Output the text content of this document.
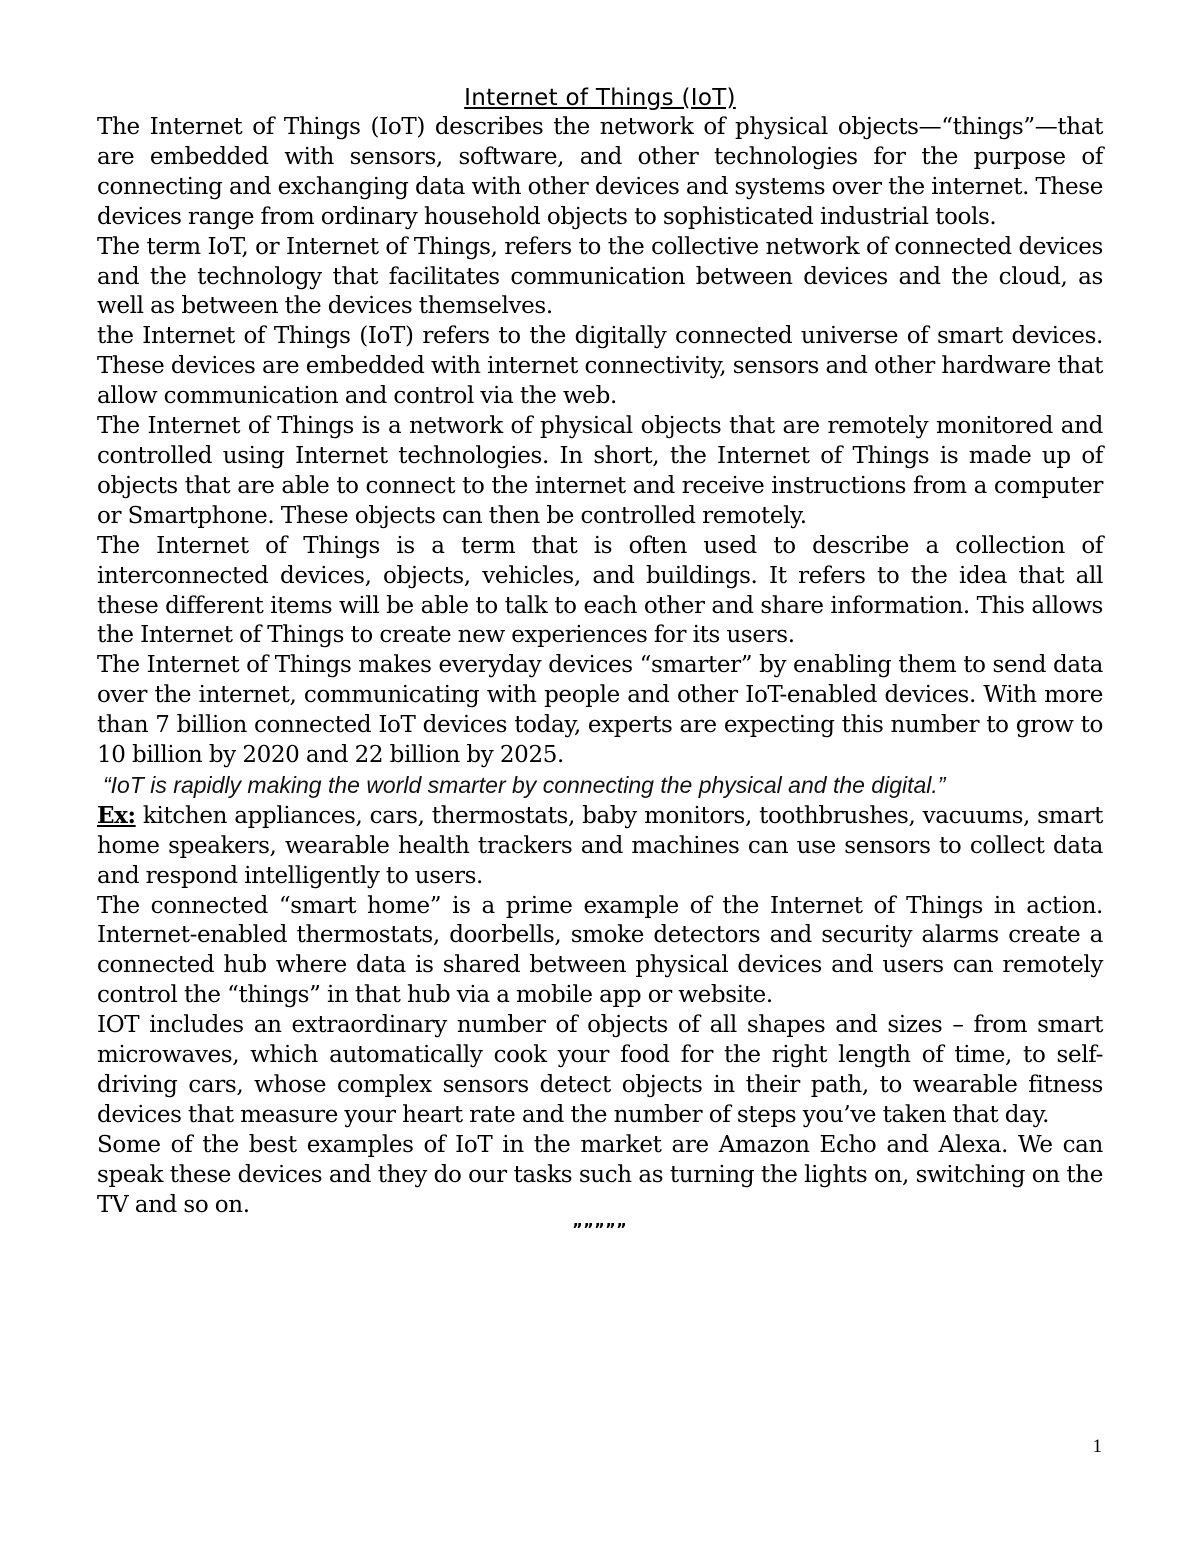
Internet of Things (IoT)

The Internet of Things (IoT) describes the network of physical objects—“things”—that are embedded with sensors, software, and other technologies for the purpose of connecting and exchanging data with other devices and systems over the internet. These devices range from ordinary household objects to sophisticated industrial tools.

The term IoT, or Internet of Things, refers to the collective network of connected devices and the technology that facilitates communication between devices and the cloud, as well as between the devices themselves.

the Internet of Things (IoT) refers to the digitally connected universe of smart devices. These devices are embedded with internet connectivity, sensors and other hardware that allow communication and control via the web.

The Internet of Things is a network of physical objects that are remotely monitored and controlled using Internet technologies. In short, the Internet of Things is made up of objects that are able to connect to the internet and receive instructions from a computer or Smartphone. These objects can then be controlled remotely.

The Internet of Things is a term that is often used to describe a collection of interconnected devices, objects, vehicles, and buildings. It refers to the idea that all these different items will be able to talk to each other and share information. This allows the Internet of Things to create new experiences for its users.

The Internet of Things makes everyday devices “smarter” by enabling them to send data over the internet, communicating with people and other IoT-enabled devices. With more than 7 billion connected IoT devices today, experts are expecting this number to grow to 10 billion by 2020 and 22 billion by 2025.

“IoT is rapidly making the world smarter by connecting the physical and the digital.”

Ex: kitchen appliances, cars, thermostats, baby monitors, toothbrushes, vacuums, smart home speakers, wearable health trackers and machines can use sensors to collect data and respond intelligently to users.

The connected “smart home” is a prime example of the Internet of Things in action. Internet-enabled thermostats, doorbells, smoke detectors and security alarms create a connected hub where data is shared between physical devices and users can remotely control the “things” in that hub via a mobile app or website.

IOT includes an extraordinary number of objects of all shapes and sizes – from smart microwaves, which automatically cook your food for the right length of time, to self-driving cars, whose complex sensors detect objects in their path, to wearable fitness devices that measure your heart rate and the number of steps you’ve taken that day.

Some of the best examples of IoT in the market are Amazon Echo and Alexa. We can speak these devices and they do our tasks such as turning the lights on, switching on the TV and so on.

„„„„„
1
